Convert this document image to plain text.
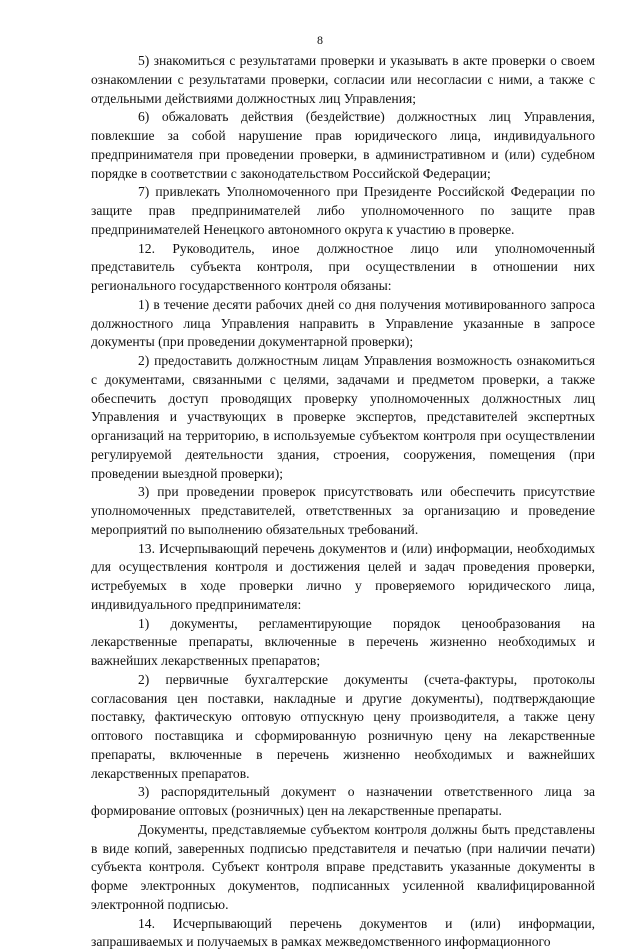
8

5) знакомиться с результатами проверки и указывать в акте проверки о своем ознакомлении с результатами проверки, согласии или несогласии с ними, а также с отдельными действиями должностных лиц Управления;

6) обжаловать действия (бездействие) должностных лиц Управления, повлекшие за собой нарушение прав юридического лица, индивидуального предпринимателя при проведении проверки, в административном и (или) судебном порядке в соответствии с законодательством Российской Федерации;

7) привлекать Уполномоченного при Президенте Российской Федерации по защите прав предпринимателей либо уполномоченного по защите прав предпринимателей Ненецкого автономного округа к участию в проверке.

12. Руководитель, иное должностное лицо или уполномоченный представитель субъекта контроля, при осуществлении в отношении них регионального государственного контроля обязаны:

1) в течение десяти рабочих дней со дня получения мотивированного запроса должностного лица Управления направить в Управление указанные в запросе документы (при проведении документарной проверки);

2) предоставить должностным лицам Управления возможность ознакомиться с документами, связанными с целями, задачами и предметом проверки, а также обеспечить доступ проводящих проверку уполномоченных должностных лиц Управления и участвующих в проверке экспертов, представителей экспертных организаций на территорию, в используемые субъектом контроля при осуществлении регулируемой деятельности здания, строения, сооружения, помещения (при проведении выездной проверки);

3) при проведении проверок присутствовать или обеспечить присутствие уполномоченных представителей, ответственных за организацию и проведение мероприятий по выполнению обязательных требований.

13. Исчерпывающий перечень документов и (или) информации, необходимых для осуществления контроля и достижения целей и задач проведения проверки, истребуемых в ходе проверки лично у проверяемого юридического лица, индивидуального предпринимателя:

1) документы, регламентирующие порядок ценообразования на лекарственные препараты, включенные в перечень жизненно необходимых и важнейших лекарственных препаратов;

2) первичные бухгалтерские документы (счета-фактуры, протоколы согласования цен поставки, накладные и другие документы), подтверждающие поставку, фактическую оптовую отпускную цену производителя, а также цену оптового поставщика и сформированную розничную цену на лекарственные препараты, включенные в перечень жизненно необходимых и важнейших лекарственных препаратов.

3) распорядительный документ о назначении ответственного лица за формирование оптовых (розничных) цен на лекарственные препараты.

Документы, представляемые субъектом контроля должны быть представлены в виде копий, заверенных подписью представителя и печатью (при наличии печати) субъекта контроля. Субъект контроля вправе представить указанные документы в форме электронных документов, подписанных усиленной квалифицированной электронной подписью.

14. Исчерпывающий перечень документов и (или) информации, запрашиваемых и получаемых в рамках межведомственного информационного
